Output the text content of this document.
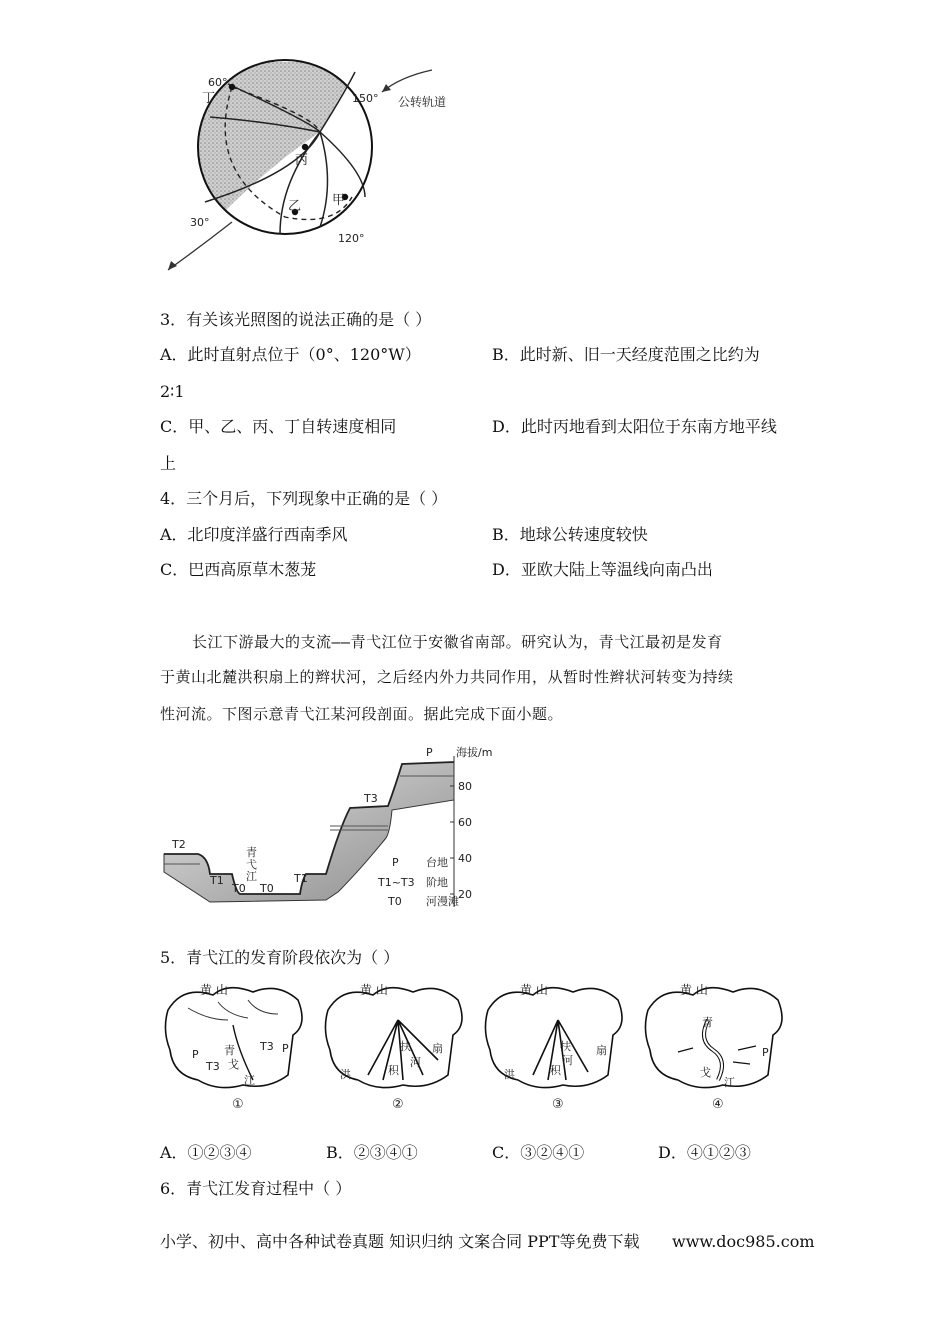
60°
丁	150° 公转轨道
丙
乙 甲
30°
120°
3．有关该光照图的说法正确的是（ ）
A．此时直射点位于（0°、120°W）	B．此时新、旧一天经度范围之比约为
2∶1
C．甲、乙、丙、丁自转速度相同	D．此时丙地看到太阳位于东南方地平线
上
4．三个月后，下列现象中正确的是（ ）
A．北印度洋盛行西南季风	B．地球公转速度较快
C．巴西高原草木葱茏	D．亚欧大陆上等温线向南凸出
长江下游最大的支流——青弋江位于安徽省南部。研究认为，青弋江最初是发育
于黄山北麓洪积扇上的辫状河，之后经内外力共同作用，从暂时性辫状河转变为持续
性河流。下图示意青弋江某河段剖面。据此完成下面小题。
海拔/m
80
60
40
20
P
T3
T2
T1
T0 T0
T1
青
弋
江
P 台地
T1~T3 阶地
T0 河漫滩
5．青弋江的发育阶段依次为（ ）
黄 山
P
T3
青
戈
T3 P
江
①
黄 山
洪	积
扇
扶
河
②
黄 山
洪	积
扇
扶
河
③
黄 山
青
戈
江
P
④
A．①②③④	B．②③④①	C．③②④①	D．④①②③
6．青弋江发育过程中（ ）
小学、初中、高中各种试卷真题 知识归纳 文案合同 PPT等免费下载 www.doc985.com
